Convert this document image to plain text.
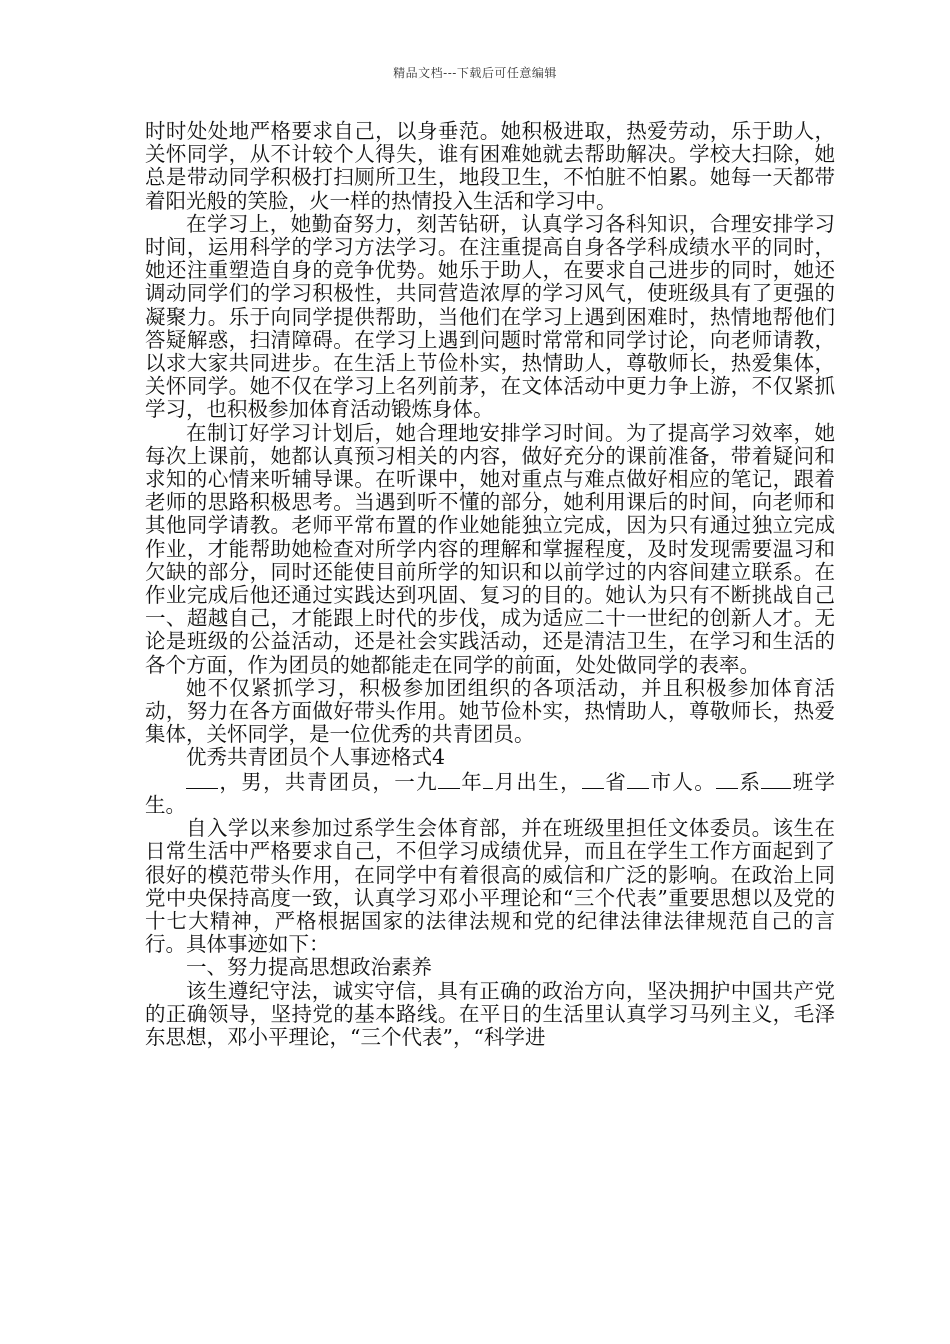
精品文档---下载后可任意编辑

时时处处地严格要求自己，以身垂范。她积极进取，热爱劳动，乐于助人，关怀同学，从不计较个人得失，谁有困难她就去帮助解决。学校大扫除，她总是带动同学积极打扫厕所卫生，地段卫生，不怕脏不怕累。她每一天都带着阳光般的笑脸，火一样的热情投入生活和学习中。

在学习上，她勤奋努力，刻苦钻研，认真学习各科知识，合理安排学习时间，运用科学的学习方法学习。在注重提高自身各学科成绩水平的同时，她还注重塑造自身的竞争优势。她乐于助人，在要求自己进步的同时，她还调动同学们的学习积极性，共同营造浓厚的学习风气，使班级具有了更强的凝聚力。乐于向同学提供帮助，当他们在学习上遇到困难时，热情地帮他们答疑解惑，扫清障碍。在学习上遇到问题时常常和同学讨论，向老师请教，以求大家共同进步。在生活上节俭朴实，热情助人，尊敬师长，热爱集体，关怀同学。她不仅在学习上名列前茅，在文体活动中更力争上游，不仅紧抓学习，也积极参加体育活动锻炼身体。

在制订好学习计划后，她合理地安排学习时间。为了提高学习效率，她每次上课前，她都认真预习相关的内容，做好充分的课前准备，带着疑问和求知的心情来听辅导课。在听课中，她对重点与难点做好相应的笔记，跟着老师的思路积极思考。当遇到听不懂的部分，她利用课后的时间，向老师和其他同学请教。老师平常布置的作业她能独立完成，因为只有通过独立完成作业，才能帮助她检查对所学内容的理解和掌握程度，及时发现需要温习和欠缺的部分，同时还能使目前所学的知识和以前学过的内容间建立联系。在作业完成后他还通过实践达到巩固、复习的目的。她认为只有不断挑战自己一、超越自己，才能跟上时代的步伐，成为适应二十一世纪的创新人才。无论是班级的公益活动，还是社会实践活动，还是清洁卫生，在学习和生活的各个方面，作为团员的她都能走在同学的前面，处处做同学的表率。

她不仅紧抓学习，积极参加团组织的各项活动，并且积极参加体育活动，努力在各方面做好带头作用。她节俭朴实，热情助人，尊敬师长，热爱集体，关怀同学，是一位优秀的共青团员。

优秀共青团员个人事迹格式4

，男，共青团员，一九 年 月出生， 省 市人。 系 班学生。

自入学以来参加过系学生会体育部，并在班级里担任文体委员。该生在日常生活中严格要求自己，不但学习成绩优异，而且在学生工作方面起到了很好的模范带头作用，在同学中有着很高的威信和广泛的影响。在政治上同党中央保持高度一致，认真学习邓小平理论和“三个代表”重要思想以及党的十七大精神，严格根据国家的法律法规和党的纪律法律法律规范自己的言行。具体事迹如下：

一、努力提高思想政治素养

该生遵纪守法，诚实守信，具有正确的政治方向，坚决拥护中国共产党的正确领导，坚持党的基本路线。在平日的生活里认真学习马列主义，毛泽东思想，邓小平理论，“三个代表”，“科学进
